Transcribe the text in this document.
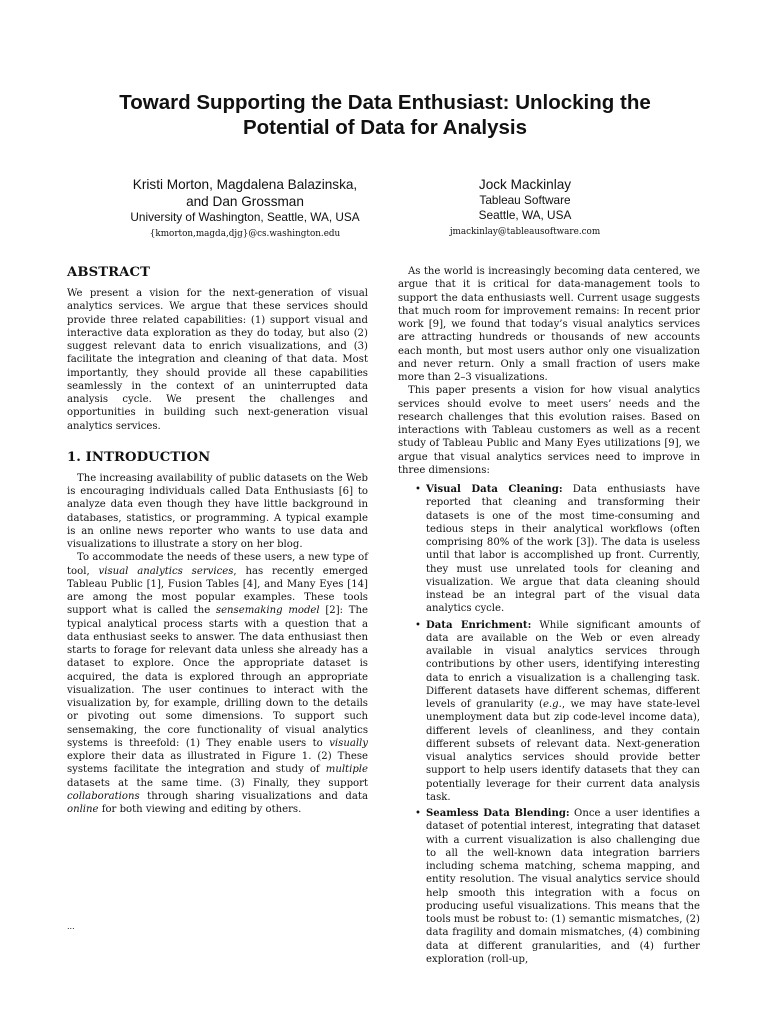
Toward Supporting the Data Enthusiast: Unlocking the
Potential of Data for Analysis
Kristi Morton, Magdalena Balazinska,
and Dan Grossman
University of Washington, Seattle, WA, USA
{kmorton,magda,djg}@cs.washington.edu
Jock Mackinlay
Tableau Software
Seattle, WA, USA
jmackinlay@tableausoftware.com
ABSTRACT

We present a vision for the next-generation of visual analytics services. We argue that these services should provide three related capabilities: (1) support visual and interactive data exploration as they do today, but also (2) suggest relevant data to enrich visualizations, and (3) facilitate the integration and cleaning of that data. Most importantly, they should provide all these capabilities seamlessly in the context of an uninterrupted data analysis cycle. We present the challenges and opportunities in building such next-generation visual analytics services.

1. INTRODUCTION

The increasing availability of public datasets on the Web is encouraging individuals called Data Enthusiasts [6] to analyze data even though they have little background in databases, statistics, or programming. A typical example is an online news reporter who wants to use data and visualizations to illustrate a story on her blog.

To accommodate the needs of these users, a new type of tool, visual analytics services, has recently emerged Tableau Public [1], Fusion Tables [4], and Many Eyes [14] are among the most popular examples. These tools support what is called the sensemaking model [2]: The typical analytical process starts with a question that a data enthusiast seeks to answer. The data enthusiast then starts to forage for relevant data unless she already has a dataset to explore. Once the appropriate dataset is acquired, the data is explored through an appropriate visualization. The user continues to interact with the visualization by, for example, drilling down to the details or pivoting out some dimensions. To support such sensemaking, the core functionality of visual analytics systems is threefold: (1) They enable users to visually explore their data as illustrated in Figure 1. (2) These systems facilitate the integration and study of multiple datasets at the same time. (3) Finally, they support collaborations through sharing visualizations and data online for both viewing and editing by others.

As the world is increasingly becoming data centered, we argue that it is critical for data-management tools to support the data enthusiasts well. Current usage suggests that much room for improvement remains: In recent prior work [9], we found that today’s visual analytics services are attracting hundreds or thousands of new accounts each month, but most users author only one visualization and never return. Only a small fraction of users make more than 2–3 visualizations.

This paper presents a vision for how visual analytics services should evolve to meet users’ needs and the research challenges that this evolution raises. Based on interactions with Tableau customers as well as a recent study of Tableau Public and Many Eyes utilizations [9], we argue that visual analytics services need to improve in three dimensions:

• Visual Data Cleaning: Data enthusiasts have reported that cleaning and transforming their datasets is one of the most time-consuming and tedious steps in their analytical workflows (often comprising 80% of the work [3]). The data is useless until that labor is accomplished up front. Currently, they must use unrelated tools for cleaning and visualization. We argue that data cleaning should instead be an integral part of the visual data analytics cycle.
• Data Enrichment: While significant amounts of data are available on the Web or even already available in visual analytics services through contributions by other users, identifying interesting data to enrich a visualization is a challenging task. Different datasets have different schemas, different levels of granularity (e.g., we may have state-level unemployment data but zip code-level income data), different levels of cleanliness, and they contain different subsets of relevant data. Next-generation visual analytics services should provide better support to help users identify datasets that they can potentially leverage for their current data analysis task.
• Seamless Data Blending: Once a user identifies a dataset of potential interest, integrating that dataset with a current visualization is also challenging due to all the well-known data integration barriers including schema matching, schema mapping, and entity resolution. The visual analytics service should help smooth this integration with a focus on producing useful visualizations. This means that the tools must be robust to: (1) semantic mismatches, (2) data fragility and domain mismatches, (4) combining data at different granularities, and (4) further exploration (roll-up,
...
